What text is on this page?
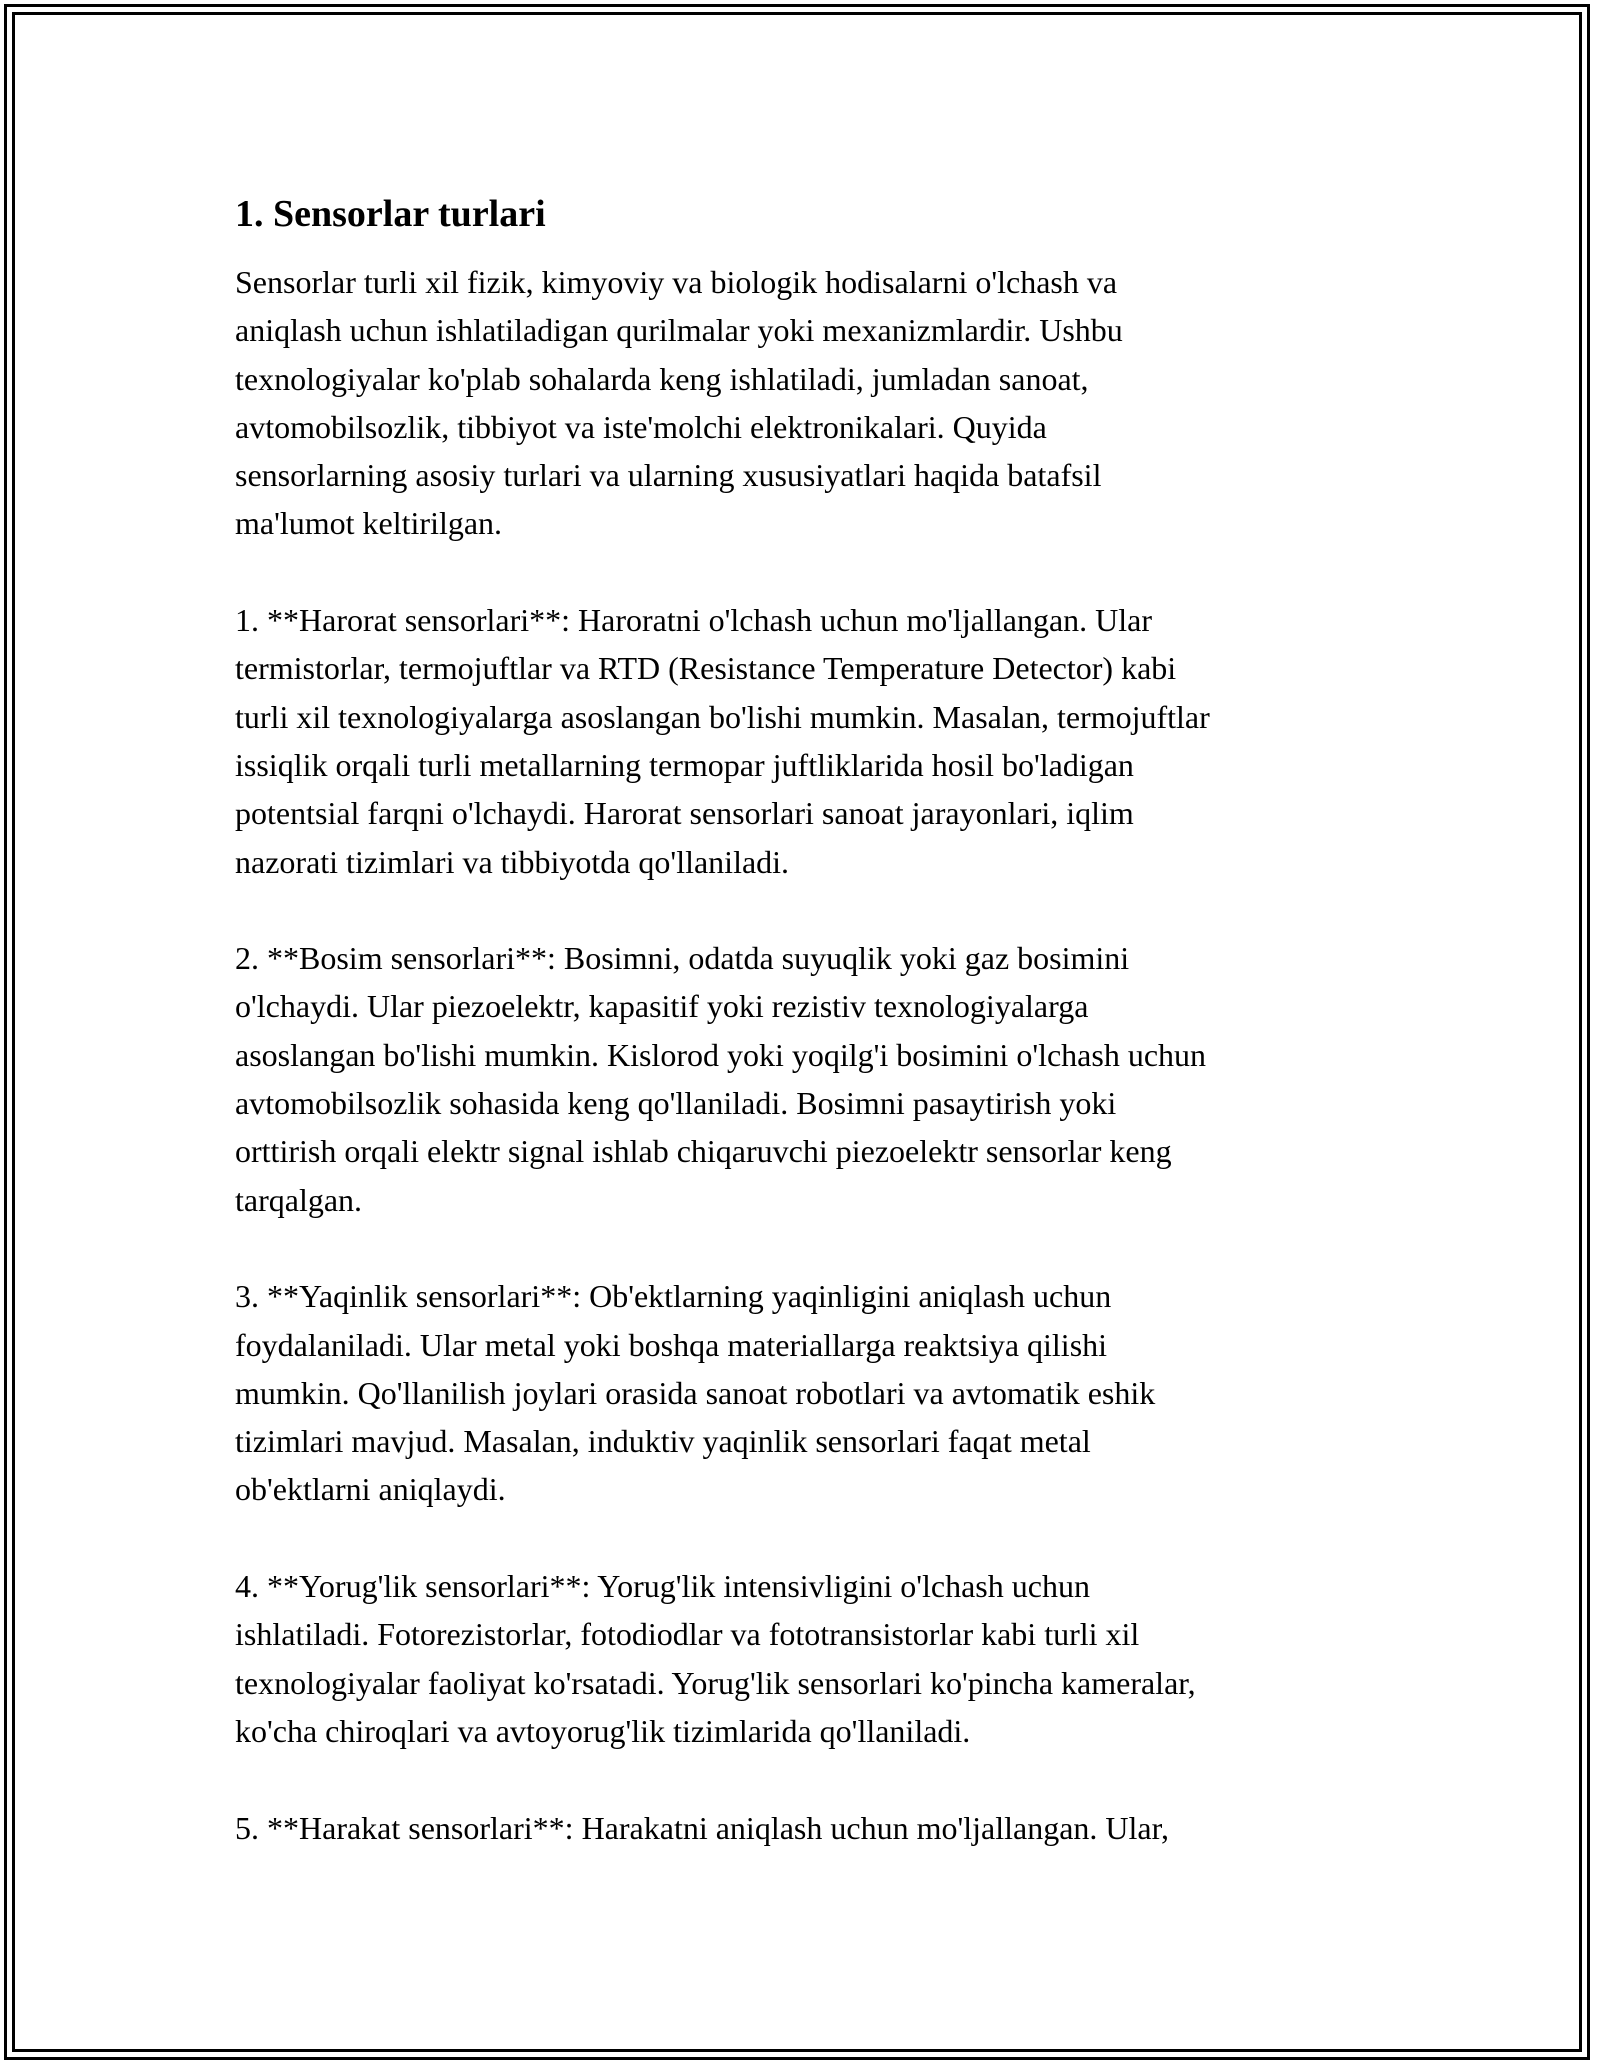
1. Sensorlar turlari
Sensorlar turli xil fizik, kimyoviy va biologik hodisalarni o'lchash va
aniqlash uchun ishlatiladigan qurilmalar yoki mexanizmlardir. Ushbu
texnologiyalar ko'plab sohalarda keng ishlatiladi, jumladan sanoat,
avtomobilsozlik, tibbiyot va iste'molchi elektronikalari. Quyida
sensorlarning asosiy turlari va ularning xususiyatlari haqida batafsil
ma'lumot keltirilgan.
1. **Harorat sensorlari**: Haroratni o'lchash uchun mo'ljallangan. Ular
termistorlar, termojuftlar va RTD (Resistance Temperature Detector) kabi
turli xil texnologiyalarga asoslangan bo'lishi mumkin. Masalan, termojuftlar
issiqlik orqali turli metallarning termopar juftliklarida hosil bo'ladigan
potentsial farqni o'lchaydi. Harorat sensorlari sanoat jarayonlari, iqlim
nazorati tizimlari va tibbiyotda qo'llaniladi.
2. **Bosim sensorlari**: Bosimni, odatda suyuqlik yoki gaz bosimini
o'lchaydi. Ular piezoelektr, kapasitif yoki rezistiv texnologiyalarga
asoslangan bo'lishi mumkin. Kislorod yoki yoqilg'i bosimini o'lchash uchun
avtomobilsozlik sohasida keng qo'llaniladi. Bosimni pasaytirish yoki
orttirish orqali elektr signal ishlab chiqaruvchi piezoelektr sensorlar keng
tarqalgan.
3. **Yaqinlik sensorlari**: Ob'ektlarning yaqinligini aniqlash uchun
foydalaniladi. Ular metal yoki boshqa materiallarga reaktsiya qilishi
mumkin. Qo'llanilish joylari orasida sanoat robotlari va avtomatik eshik
tizimlari mavjud. Masalan, induktiv yaqinlik sensorlari faqat metal
ob'ektlarni aniqlaydi.
4. **Yorug'lik sensorlari**: Yorug'lik intensivligini o'lchash uchun
ishlatiladi. Fotorezistorlar, fotodiodlar va fototransistorlar kabi turli xil
texnologiyalar faoliyat ko'rsatadi. Yorug'lik sensorlari ko'pincha kameralar,
ko'cha chiroqlari va avtoyorug'lik tizimlarida qo'llaniladi.
5. **Harakat sensorlari**: Harakatni aniqlash uchun mo'ljallangan. Ular,
